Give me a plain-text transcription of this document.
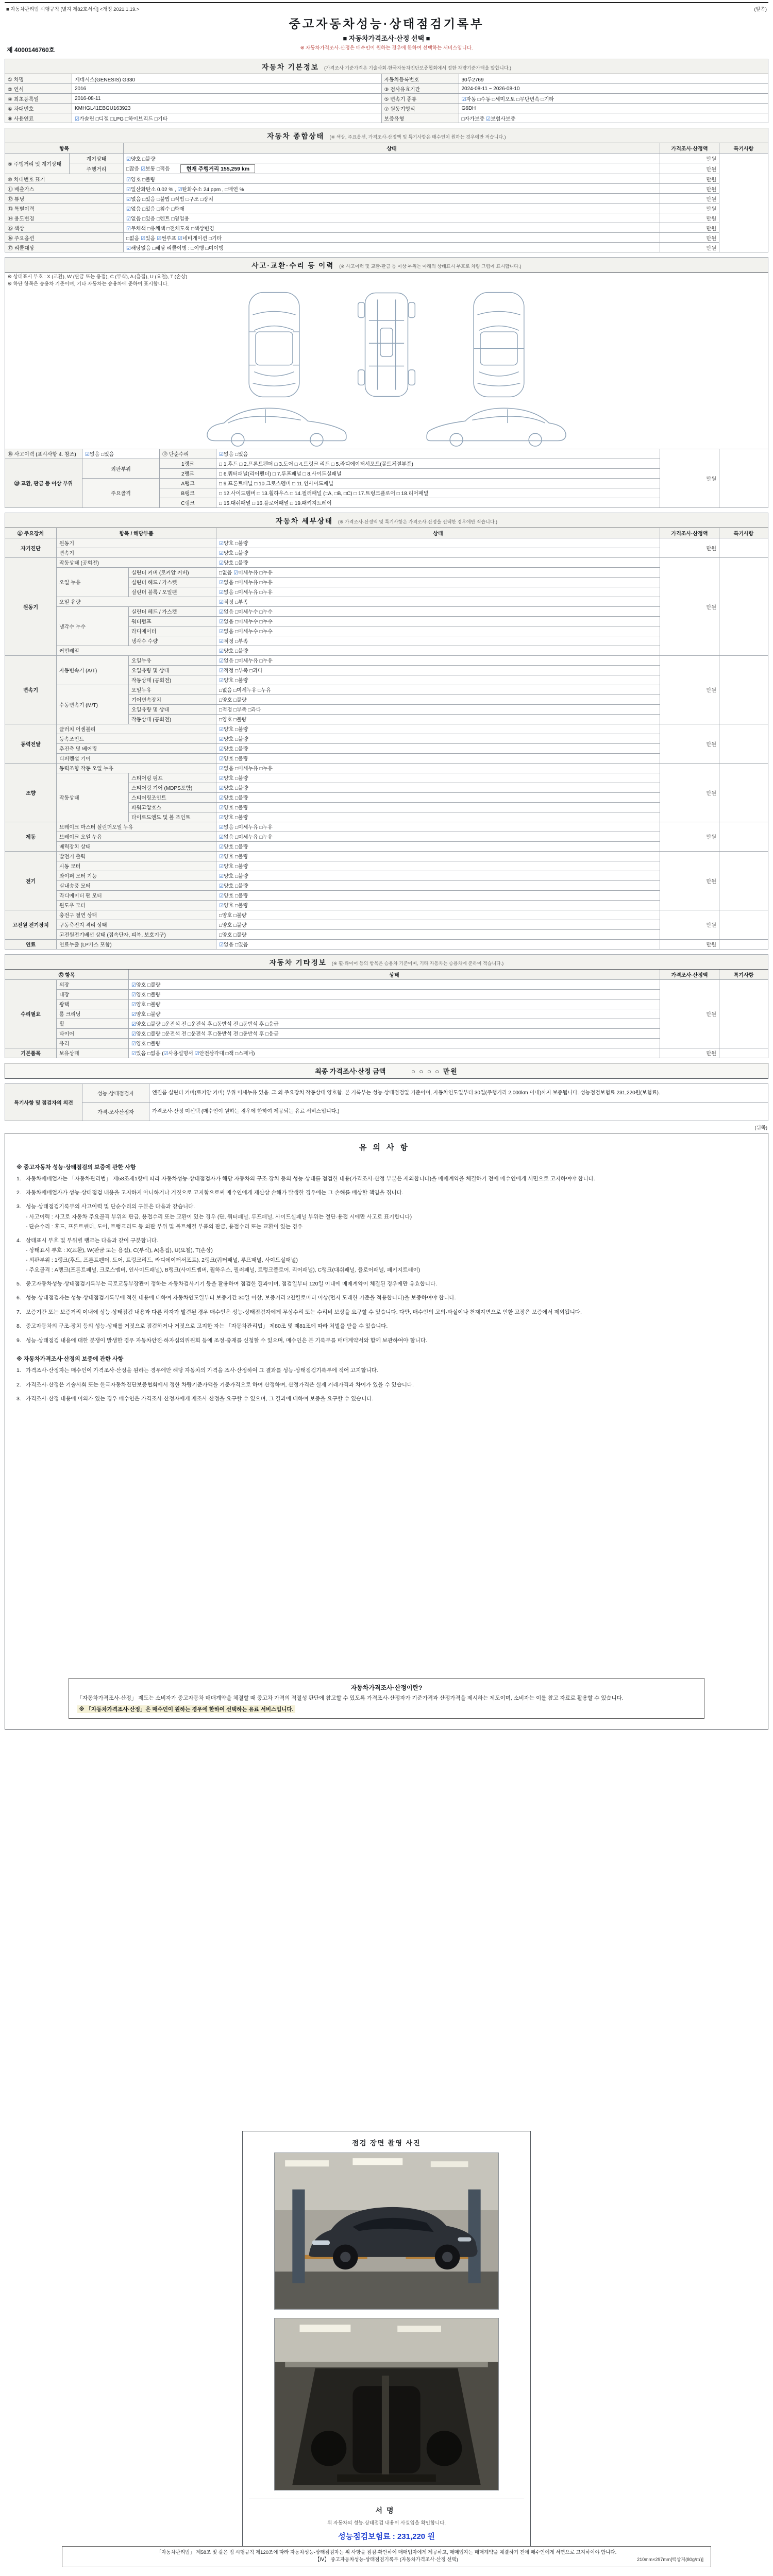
■ 자동차관리법 시행규칙 [별지 제82호서식] <개정 2021.1.19.>	(앞쪽)
중고자동차성능·상태점검기록부
■ 자동차가격조사·산정 선택 ■
※ 자동차가격조사·산정은 매수인이 원하는 경우에 한하여 선택하는 서비스입니다.
제 4000146760호
자동차 기본정보 (가격조사 기준가격은 기술사회·한국자동차진단보증협회에서 정한 차량기준가액을 말합니다.)			
① 차명	제네시스(GENESIS) G330	자동차등록번호	30루2769
② 연식	2016	③ 검사유효기간	2024-08-11 ~ 2026-08-10
④ 최초등록일	2016-08-11	⑤ 변속기 종류	☑자동 □수동 □세미오토 □무단변속 □기타
⑥ 차대번호	KMHGL41EBGU163923	⑦ 원동기형식	G6DH
⑧ 사용연료	☑가솔린 □디젤 □LPG □하이브리드 □기타	보증유형	□자가보증 ☑보험사보증
자동차 종합상태 (※ 색상, 주요옵션, 가격조사·산정액 및 특기사항은 매수인이 원하는 경우에만 적습니다.)				
항목		상태	가격조사·산정액	특기사항
⑨ 주행거리 및 계기상태	계기상태	☑양호 □불량	만원	
	주행거리	□많음 ☑보통 □적음 현재 주행거리 155,259 km	만원	
⑩ 차대번호 표기		☑양호 □불량	만원	
⑪ 배출가스		☑일산화탄소 0.02 % , ☑탄화수소 24 ppm , □매연 %	만원	
⑫ 튜닝		☑없음 □있음 □불법 □적법 □구조 □장치	만원	
⑬ 특별이력		☑없음 □있음 □침수 □화재	만원	
⑭ 용도변경		☑없음 □있음 □렌트 □영업용	만원	
⑮ 색상		☑무채색 □유채색 □전체도색 □색상변경	만원	
⑯ 주요옵션		□없음 ☑있음 ☑썬루프 ☑네비게이션 □기타	만원	
⑰ 리콜대상		☑해당없음 □해당 리콜이행 : □이행 □미이행	만원	
사고·교환·수리 등 이력 (※ 사고이력 및 교환·판금 등 이상 부위는 아래의 상태표시 부호로 차량 그림에 표시합니다.)					

※ 상태표시 부호 : X (교환), W (판금 또는 용접), C (부식), A (흠집), U (요철), T (손상)
※ 하단 항목은 승용차 기준이며, 기타 자동차는 승용차에 준하여 표시합니다.					

⑱ 사고이력 (표시사항 4. 참조)	☑없음 □있음	⑲ 단순수리	☑없음 □있음	만원	
⑳ 교환, 판금 등 이상 부위	외판부위	1랭크	□ 1.후드 □ 2.프론트펜더 □ 3.도어 □ 4.트렁크 리드 □ 5.라디에이터서포트(볼트체결부품)		
		2랭크	□ 6.쿼터패널(리어펜더) □ 7.루프패널 □ 8.사이드실패널		
	주요골격	A랭크	□ 9.프론트패널 □ 10.크로스멤버 □ 11.인사이드패널		
		B랭크	□ 12.사이드멤버 □ 13.휠하우스 □ 14.필러패널 (□A, □B, □C) □ 17.트렁크플로어 □ 18.리어패널		
		C랭크	□ 15.대쉬패널 □ 16.플로어패널 □ 19.패키지트레이		
자동차 세부상태 (※ 가격조사·산정액 및 특기사항은 가격조사·산정을 선택한 경우에만 적습니다.)					
㉑ 주요장치	항목 / 해당부품		상태	가격조사·산정액	특기사항
자기진단	원동기		☑양호 □불량	만원	
	변속기		☑양호 □불량		
원동기	작동상태 (공회전)		☑양호 □불량	만원	
	오일 누유	실린더 커버 (로커암 커버)	□없음 ☑미세누유 □누유		
		실린더 헤드 / 가스켓	☑없음 □미세누유 □누유		
		실린더 블록 / 오일팬	☑없음 □미세누유 □누유		
	오일 유량		☑적정 □부족		
	냉각수 누수	실린더 헤드 / 가스켓	☑없음 □미세누수 □누수		
		워터펌프	☑없음 □미세누수 □누수		
		라디에이터	☑없음 □미세누수 □누수		
		냉각수 수량	☑적정 □부족		
	커먼레일		☑양호 □불량		
변속기	자동변속기 (A/T)	오일누유	☑없음 □미세누유 □누유	만원	
		오일유량 및 상태	☑적정 □부족 □과다		
		작동상태 (공회전)	☑양호 □불량		
	수동변속기 (M/T)	오일누유	□없음 □미세누유 □누유		
		기어변속장치	□양호 □불량		
		오일유량 및 상태	□적정 □부족 □과다		
		작동상태 (공회전)	□양호 □불량		
동력전달	클러치 어셈블리		☑양호 □불량	만원	
	등속조인트		☑양호 □불량		
	추진축 및 베어링		☑양호 □불량		
	디퍼렌셜 기어		☑양호 □불량		
조향	동력조향 작동 오일 누유		☑없음 □미세누유 □누유	만원	
	작동상태	스티어링 펌프	☑양호 □불량		
		스티어링 기어 (MDPS포함)	☑양호 □불량		
		스티어링조인트	☑양호 □불량		
		파워고압호스	☑양호 □불량		
		타이로드엔드 및 볼 조인트	☑양호 □불량		
제동	브레이크 마스터 실린더오일 누유		☑없음 □미세누유 □누유	만원	
	브레이크 오일 누유		☑없음 □미세누유 □누유		
	배력장치 상태		☑양호 □불량		
전기	발전기 출력		☑양호 □불량	만원	
	시동 모터		☑양호 □불량		
	와이퍼 모터 기능		☑양호 □불량		
	실내송풍 모터		☑양호 □불량		
	라디에이터 팬 모터		☑양호 □불량		
	윈도우 모터		☑양호 □불량		
고전원 전기장치	충전구 절연 상태		□양호 □불량	만원	
	구동축전지 격리 상태		□양호 □불량		
	고전원전기배선 상태 (접속단자, 피복, 보호기구)		□양호 □불량		
연료	연료누출 (LP가스 포함)		☑없음 □있음	만원	
자동차 기타정보 (※ 휠·타이어 등의 항목은 승용차 기준이며, 기타 자동차는 승용차에 준하여 적습니다.)				
㉒ 항목		상태	가격조사·산정액	특기사항
수리필요	외장	☑양호 □불량	만원	
	내장	☑양호 □불량		
	광택	☑양호 □불량		
	룸 크리닝	☑양호 □불량		
	휠	☑양호 □불량 □운전석 전 □운전석 후 □동반석 전 □동반석 후 □응급		
	타이어	☑양호 □불량 □운전석 전 □운전석 후 □동반석 전 □동반석 후 □응급		
	유리	☑양호 □불량		
기본품목	보유상태	☑있음 □없음 (☑사용설명서 ☑안전삼각대 □잭 □스패너)	만원	
최종 가격조사·산정 금액	○ ○ ○ ○ 만원
특기사항 및 점검자의 의견	성능·상태점검자	엔진룸 실린더 커버(로커암 커버) 부위 미세누유 있음. 그 외 주요장치 작동상태 양호함. 본 기록부는 성능·상태점검일 기준이며, 자동차인도일부터 30일(주행거리 2,000km 이내)까지 보증됩니다. 성능점검보험료 231,220원(보험료).
	가격·조사산정자	가격조사·산정 미선택 (매수인이 원하는 경우에 한하여 제공되는 유료 서비스입니다.)
(뒤쪽)
유의사항
※ 중고자동차 성능·상태점검의 보증에 관한 사항
1. 자동차매매업자는 「자동차관리법」 제58조제1항에 따라 자동차성능·상태점검자가 해당 자동차의 구조·장치 등의 성능·상태를 점검한 내용(가격조사·산정 부분은 제외합니다)을 매매계약을 체결하기 전에 매수인에게 서면으로 고지하여야 합니다.
2. 자동차매매업자가 성능·상태점검 내용을 고지하지 아니하거나 거짓으로 고지함으로써 매수인에게 재산상 손해가 발생한 경우에는 그 손해를 배상할 책임을 집니다.
3. 성능·상태점검기록부의 사고이력 및 단순수리의 구분은 다음과 같습니다.
- 사고이력 : 사고로 자동차 주요골격 부위의 판금, 용접수리 또는 교환이 있는 경우 (단, 쿼터패널, 루프패널, 사이드실패널 부위는 절단·용접 시에만 사고로 표기합니다)
- 단순수리 : 후드, 프론트펜더, 도어, 트렁크리드 등 외판 부위 및 볼트체결 부품의 판금, 용접수리 또는 교환이 있는 경우
4. 상태표시 부호 및 부위별 랭크는 다음과 같이 구분합니다.
- 상태표시 부호 : X(교환), W(판금 또는 용접), C(부식), A(흠집), U(요철), T(손상)
- 외판부위 : 1랭크(후드, 프론트펜더, 도어, 트렁크리드, 라디에이터서포트), 2랭크(쿼터패널, 루프패널, 사이드실패널)
- 주요골격 : A랭크(프론트패널, 크로스멤버, 인사이드패널), B랭크(사이드멤버, 휠하우스, 필러패널, 트렁크플로어, 리어패널), C랭크(대쉬패널, 플로어패널, 패키지트레이)
5. 중고자동차성능·상태점검기록부는 국토교통부장관이 정하는 자동차검사기기 등을 활용하여 점검한 결과이며, 점검일부터 120일 이내에 매매계약이 체결된 경우에만 유효합니다.
6. 성능·상태점검자는 성능·상태점검기록부에 적힌 내용에 대하여 자동차인도일부터 보증기간 30일 이상, 보증거리 2천킬로미터 이상(먼저 도래한 기준을 적용합니다)을 보증하여야 합니다.
7. 보증기간 또는 보증거리 이내에 성능·상태점검 내용과 다른 하자가 발견된 경우 매수인은 성능·상태점검자에게 무상수리 또는 수리비 보상을 요구할 수 있습니다. 다만, 매수인의 고의·과실이나 천재지변으로 인한 고장은 보증에서 제외됩니다.
8. 중고자동차의 구조·장치 등의 성능·상태를 거짓으로 점검하거나 거짓으로 고지한 자는 「자동차관리법」 제80조 및 제81조에 따라 처벌을 받을 수 있습니다.
9. 성능·상태점검 내용에 대한 분쟁이 발생한 경우 자동차안전·하자심의위원회 등에 조정·중재를 신청할 수 있으며, 매수인은 본 기록부를 매매계약서와 함께 보관하여야 합니다.
※ 자동차가격조사·산정의 보증에 관한 사항
1. 가격조사·산정자는 매수인이 가격조사·산정을 원하는 경우에만 해당 자동차의 가격을 조사·산정하여 그 결과를 성능·상태점검기록부에 적어 고지합니다.
2. 가격조사·산정은 기술사회 또는 한국자동차진단보증협회에서 정한 차량기준가액을 기준가격으로 하여 산정하며, 산정가격은 실제 거래가격과 차이가 있을 수 있습니다.
3. 가격조사·산정 내용에 이의가 있는 경우 매수인은 가격조사·산정자에게 재조사·산정을 요구할 수 있으며, 그 결과에 대하여 보증을 요구할 수 있습니다.
자동차가격조사·산정이란?
「자동차가격조사·산정」 제도는 소비자가 중고자동차 매매계약을 체결할 때 중고차 가격의 적절성 판단에 참고할 수 있도록 가격조사·산정자가 기준가격과 산정가격을 제시하는 제도이며, 소비자는 이를 참고 자료로 활용할 수 있습니다.
※ 「자동차가격조사·산정」은 매수인이 원하는 경우에 한하여 선택하는 유료 서비스입니다.
점검 장면 촬영 사진
서명
위 자동차의 성능·상태점검 내용이 사실임을 확인합니다.
성능점검보험료 : 231,220 원
「자동차관리법」 제58조 및 같은 법 시행규칙 제120조에 따라 자동차성능·상태점검자는 위 사항을 점검·확인하여 매매업자에게 제공하고, 매매업자는 매매계약을 체결하기 전에 매수인에게 서면으로 고지하여야 합니다.
【Ⅳ】 중고자동차성능·상태점검기록부 (자동차가격조사·산정 선택)	210mm×297mm[백상지(80g/㎡)]
